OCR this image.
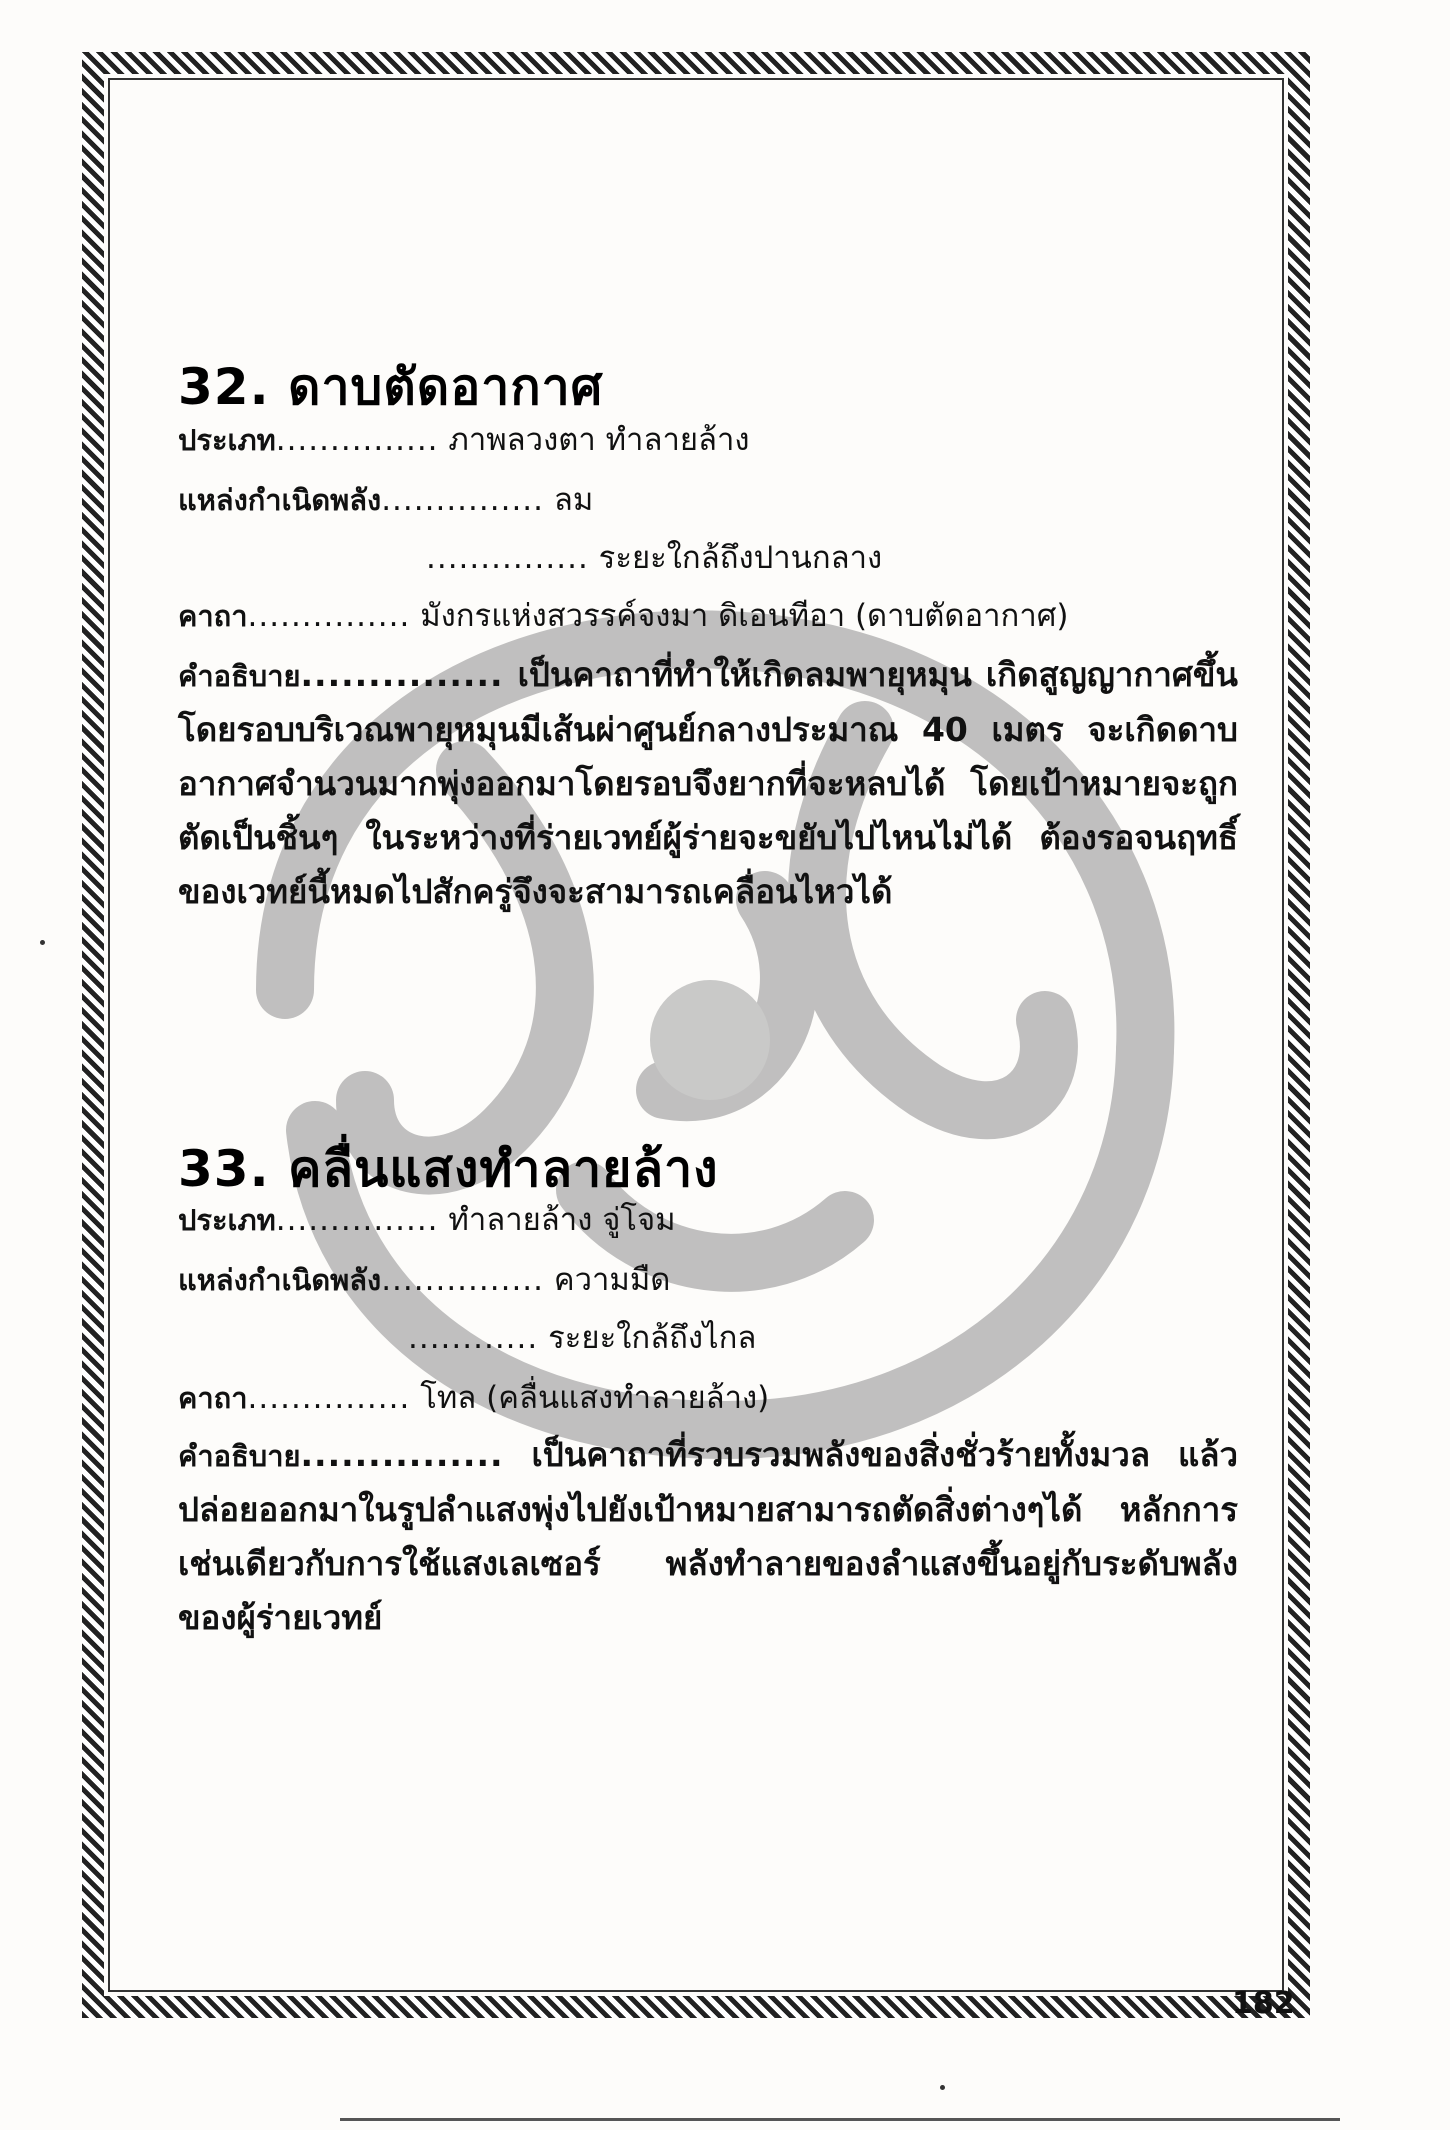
32. ดาบตัดอากาศ
ประเภท............... ภาพลวงตา ทำลายล้าง
แหล่งกำเนิดพลัง............... ลม
............... ระยะใกล้ถึงปานกลาง
คาถา............... มังกรแห่งสวรรค์จงมา ดิเอนทีอา (ดาบตัดอากาศ)

คำอธิบาย............... เป็นคาถาที่ทำให้เกิดลมพายุหมุน เกิดสูญญากาศขึ้นโดยรอบบริเวณพายุหมุนมีเส้นผ่าศูนย์กลางประมาณ 40 เมตร จะเกิดดาบอากาศจำนวนมากพุ่งออกมาโดยรอบจึงยากที่จะหลบได้ โดยเป้าหมายจะถูกตัดเป็นชิ้นๆ ในระหว่างที่ร่ายเวทย์ผู้ร่ายจะขยับไปไหนไม่ได้ ต้องรอจนฤทธิ์ของเวทย์นี้หมดไปสักครู่จึงจะสามารถเคลื่อนไหวได้

33. คลื่นแสงทำลายล้าง
ประเภท............... ทำลายล้าง จู่โจม
แหล่งกำเนิดพลัง............... ความมืด
............ ระยะใกล้ถึงไกล
คาถา............... โทล (คลื่นแสงทำลายล้าง)

คำอธิบาย............... เป็นคาถาที่รวบรวมพลังของสิ่งชั่วร้ายทั้งมวล แล้วปล่อยออกมาในรูปลำแสงพุ่งไปยังเป้าหมายสามารถตัดสิ่งต่างๆได้ หลักการเช่นเดียวกับการใช้แสงเลเซอร์ พลังทำลายของลำแสงขึ้นอยู่กับระดับพลังของผู้ร่ายเวทย์

182
